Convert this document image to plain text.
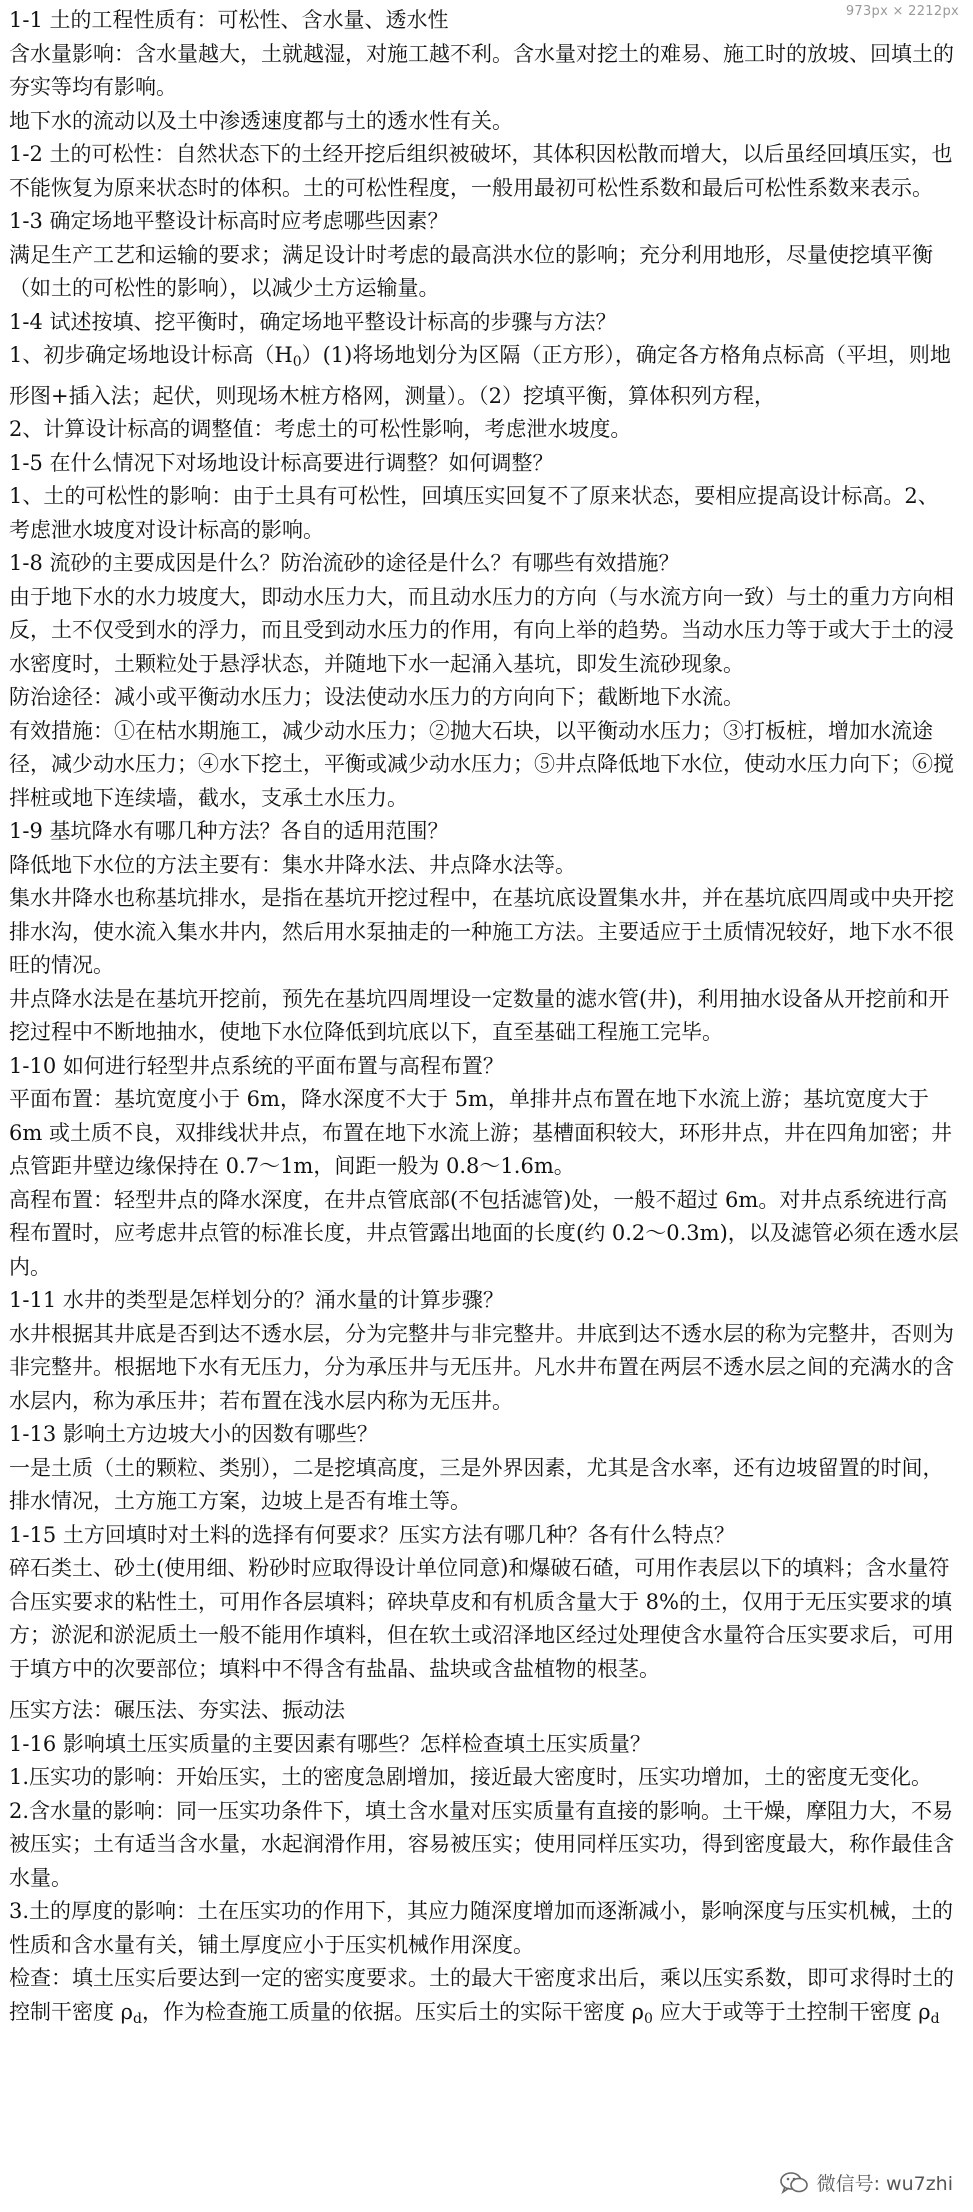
973px × 2212px

1-1 土的工程性质有：可松性、含水量、透水性

含水量影响：含水量越大，土就越湿，对施工越不利。含水量对挖土的难易、施工时的放坡、回填土的夯实等均有影响。

地下水的流动以及土中渗透速度都与土的透水性有关。

1-2 土的可松性：自然状态下的土经开挖后组织被破坏，其体积因松散而增大，以后虽经回填压实，也不能恢复为原来状态时的体积。土的可松性程度，一般用最初可松性系数和最后可松性系数来表示。

1-3 确定场地平整设计标高时应考虑哪些因素？

满足生产工艺和运输的要求；满足设计时考虑的最高洪水位的影响；充分利用地形，尽量使挖填平衡（如土的可松性的影响），以减少土方运输量。

1-4 试述按填、挖平衡时，确定场地平整设计标高的步骤与方法？

1、初步确定场地设计标高$(H_0)(1)$将场地划分为区隔（正方形），确定各方格角点标高（平坦，则地形图+插入法；起伏，则现场木桩方格网，测量）。（2）挖填平衡，算体积列方程，

2、计算设计标高的调整值：考虑土的可松性影响，考虑泄水坡度。

1-5 在什么情况下对场地设计标高要进行调整？如何调整？

1、土的可松性的影响：由于土具有可松性，回填压实回复不了原来状态，要相应提高设计标高。2、考虑泄水坡度对设计标高的影响。

1-8 流砂的主要成因是什么？防治流砂的途径是什么？有哪些有效措施？

由于地下水的水力坡度大，即动水压力大，而且动水压力的方向（与水流方向一致）与土的重力方向相反，土不仅受到水的浮力，而且受到动水压力的作用，有向上举的趋势。当动水压力等于或大于土的浸水密度时，土颗粒处于悬浮状态，并随地下水一起涌入基坑，即发生流砂现象。

防治途径：减小或平衡动水压力；设法使动水压力的方向向下；截断地下水流。

有效措施：①在枯水期施工，减少动水压力；②抛大石块，以平衡动水压力；③打板桩，增加水流途径，减少动水压力；④水下挖土，平衡或减少动水压力；⑤井点降低地下水位，使动水压力向下；⑥搅拌桩或地下连续墙，截水，支承土水压力。

1-9 基坑降水有哪几种方法？各自的适用范围？

降低地下水位的方法主要有：集水井降水法、井点降水法等。

集水井降水也称基坑排水，是指在基坑开挖过程中，在基坑底设置集水井，并在基坑底四周或中央开挖排水沟，使水流入集水井内，然后用水泵抽走的一种施工方法。主要适应于土质情况较好，地下水不很旺的情况。

井点降水法是在基坑开挖前，预先在基坑四周埋设一定数量的滤水管(井)，利用抽水设备从开挖前和开挖过程中不断地抽水，使地下水位降低到坑底以下，直至基础工程施工完毕。

1-10 如何进行轻型井点系统的平面布置与高程布置？

平面布置：基坑宽度小于 6m，降水深度不大于 5m，单排井点布置在地下水流上游；基坑宽度大于 6m 或土质不良，双排线状井点，布置在地下水流上游；基槽面积较大，环形井点，井在四角加密；井点管距井壁边缘保持在 0.7～1m，间距一般为 0.8～1.6m。

高程布置：轻型井点的降水深度，在井点管底部(不包括滤管)处，一般不超过 6m。对井点系统进行高程布置时，应考虑井点管的标准长度，井点管露出地面的长度(约 0.2～0.3m)，以及滤管必须在透水层内。

1-11 水井的类型是怎样划分的？涌水量的计算步骤？

水井根据其井底是否到达不透水层，分为完整井与非完整井。井底到达不透水层的称为完整井，否则为非完整井。根据地下水有无压力，分为承压井与无压井。凡水井布置在两层不透水层之间的充满水的含水层内，称为承压井；若布置在浅水层内称为无压井。

1-13 影响土方边坡大小的因数有哪些？

一是土质（土的颗粒、类别），二是挖填高度，三是外界因素，尤其是含水率，还有边坡留置的时间，排水情况，土方施工方案，边坡上是否有堆土等。

1-15 土方回填时对土料的选择有何要求？压实方法有哪几种？各有什么特点？

碎石类土、砂土(使用细、粉砂时应取得设计单位同意)和爆破石碴，可用作表层以下的填料；含水量符合压实要求的粘性土，可用作各层填料；碎块草皮和有机质含量大于 8%的土，仅用于无压实要求的填方；淤泥和淤泥质土一般不能用作填料，但在软土或沼泽地区经过处理使含水量符合压实要求后，可用于填方中的次要部位；填料中不得含有盐晶、盐块或含盐植物的根茎。

压实方法：碾压法、夯实法、振动法

1-16 影响填土压实质量的主要因素有哪些？怎样检查填土压实质量？

1.压实功的影响：开始压实，土的密度急剧增加，接近最大密度时，压实功增加，土的密度无变化。

2.含水量的影响：同一压实功条件下，填土含水量对压实质量有直接的影响。土干燥，摩阻力大，不易被压实；土有适当含水量，水起润滑作用，容易被压实；使用同样压实功，得到密度最大，称作最佳含水量。

3.土的厚度的影响：土在压实功的作用下，其应力随深度增加而逐渐减小，影响深度与压实机械，土的性质和含水量有关，铺土厚度应小于压实机械作用深度。

检查：填土压实后要达到一定的密实度要求。土的最大干密度求出后，乘以压实系数，即可求得时土的控制干密度 $\rho_d$，作为检查施工质量的依据。压实后土的实际干密度 $\rho_0$ 应大于或等于土控制干密度 $\rho_d$

微信号: wu7zhi
